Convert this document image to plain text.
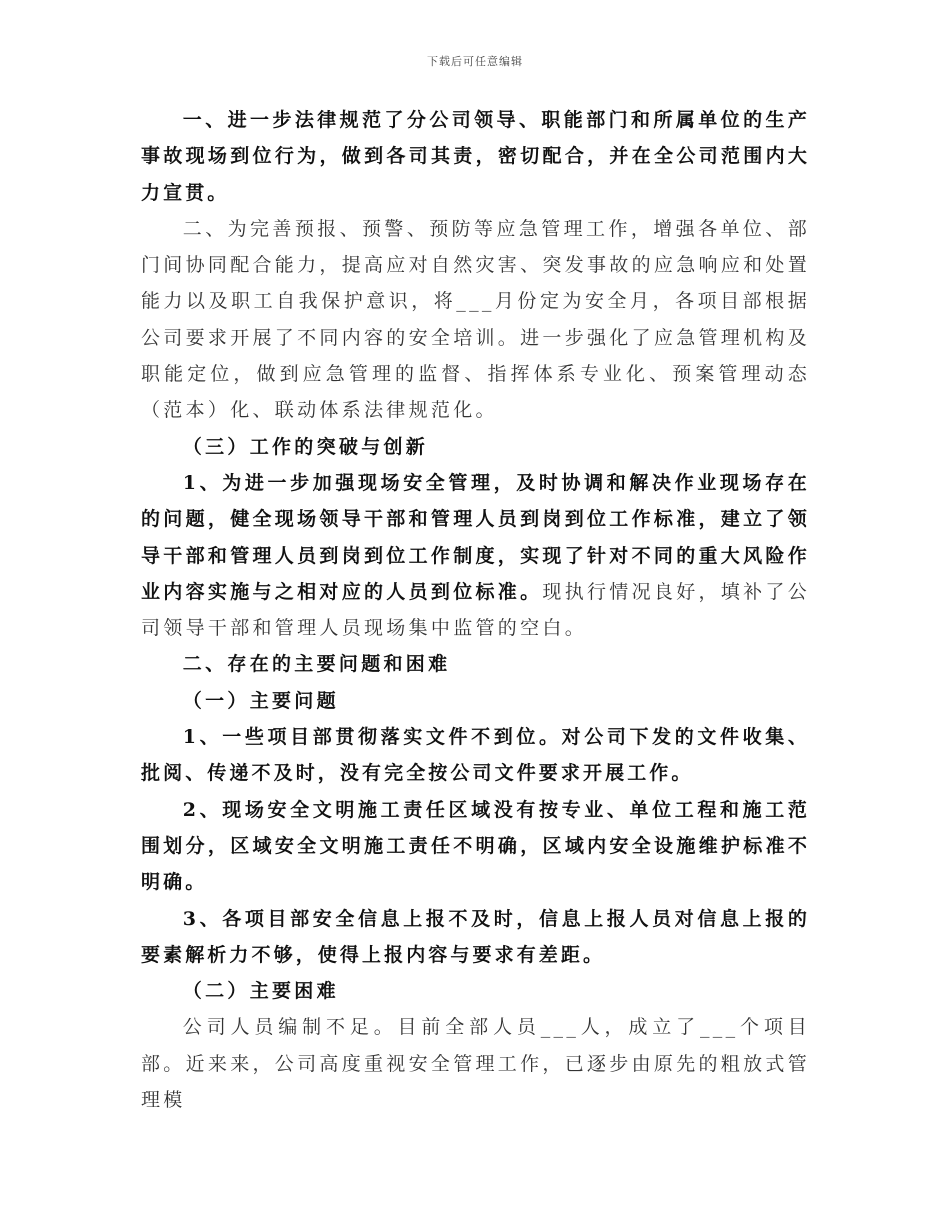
下载后可任意编辑

一、进一步法律规范了分公司领导、职能部门和所属单位的生产事故现场到位行为，做到各司其责，密切配合，并在全公司范围内大力宣贯。

二、为完善预报、预警、预防等应急管理工作，增强各单位、部门间协同配合能力，提高应对自然灾害、突发事故的应急响应和处置能力以及职工自我保护意识，将___月份定为安全月，各项目部根据公司要求开展了不同内容的安全培训。进一步强化了应急管理机构及职能定位，做到应急管理的监督、指挥体系专业化、预案管理动态（范本）化、联动体系法律规范化。

（三）工作的突破与创新

1、为进一步加强现场安全管理，及时协调和解决作业现场存在的问题，健全现场领导干部和管理人员到岗到位工作标准，建立了领导干部和管理人员到岗到位工作制度，实现了针对不同的重大风险作业内容实施与之相对应的人员到位标准。现执行情况良好，填补了公司领导干部和管理人员现场集中监管的空白。

二、存在的主要问题和困难

（一）主要问题

1、一些项目部贯彻落实文件不到位。对公司下发的文件收集、批阅、传递不及时，没有完全按公司文件要求开展工作。

2、现场安全文明施工责任区域没有按专业、单位工程和施工范围划分，区域安全文明施工责任不明确，区域内安全设施维护标准不明确。

3、各项目部安全信息上报不及时，信息上报人员对信息上报的要素解析力不够，使得上报内容与要求有差距。

（二）主要困难

公司人员编制不足。目前全部人员___人，成立了___个项目部。近来来，公司高度重视安全管理工作，已逐步由原先的粗放式管理模
